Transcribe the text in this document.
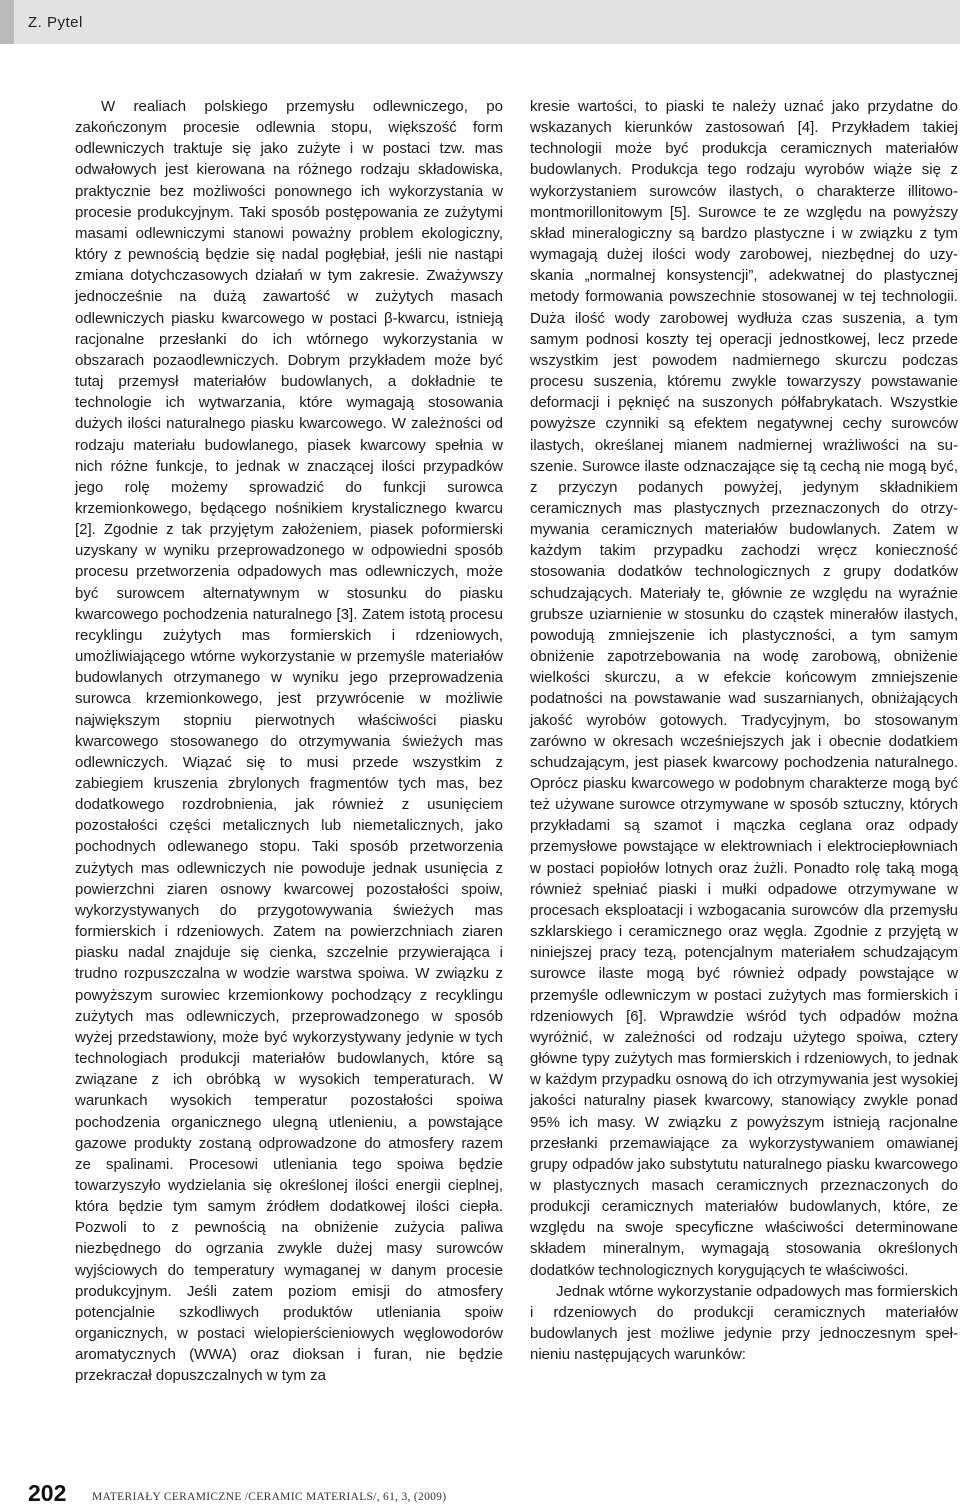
Z. Pytel

W realiach polskiego przemysłu odlewniczego, po zakończonym procesie odlewnia stopu, większość form odlewniczych traktuje się jako zużyte i w postaci tzw. mas odwałowych jest kierowana na różnego rodzaju składowiska, praktycznie bez możliwości ponownego ich wykorzystania w procesie produkcyjnym. Taki sposób postępowania ze zużytymi masami odlewniczymi stanowi poważny problem ekologiczny, który z pewnością będzie się nadal pogłębiał, jeśli nie nastąpi zmiana dotychczasowych działań w tym zakresie. Zważywszy jednocześnie na dużą zawartość w zużytych masach odlewniczych piasku kwarcowego w postaci β-kwarcu, istnieją racjonalne przesłanki do ich wtórnego wykorzystania w obszarach pozaodlewniczych. Dobrym przykładem może być tutaj przemysł materiałów budowlanych, a dokładnie te technologie ich wytwarzania, które wymagają stosowania dużych ilości naturalnego piasku kwarcowego. W zależności od rodzaju materiału budowlanego, piasek kwarcowy spełnia w nich różne funkcje, to jednak w znaczącej ilości przypadków jego rolę możemy sprowadzić do funkcji surowca krzemionkowego, będącego nośnikiem krystalicznego kwarcu [2]. Zgodnie z tak przyjętym założeniem, piasek poformierski uzyskany w wyniku przeprowadzonego w odpowiedni sposób procesu przetworzenia odpadowych mas odlewniczych, może być surowcem alternatywnym w stosunku do piasku kwarcowego pochodzenia naturalnego [3]. Zatem istotą procesu recyklingu zużytych mas formierskich i rdzeniowych, umożliwiającego wtórne wykorzystanie w przemyśle materiałów budowlanych otrzymanego w wyniku jego przeprowadzenia surowca krzemionkowego, jest przywrócenie w możliwie największym stopniu pierwotnych właściwości piasku kwarcowego stosowanego do otrzymywania świeżych mas odlewniczych. Wiązać się to musi przede wszystkim z zabiegiem kruszenia zbrylonych fragmentów tych mas, bez dodatkowego rozdrobnienia, jak również z usunięciem pozostałości części metalicznych lub niemetalicznych, jako pochodnych odlewanego stopu. Taki sposób przetworzenia zużytych mas odlewniczych nie powoduje jednak usunięcia z powierzchni ziaren osnowy kwarcowej pozostałości spoiw, wykorzystywanych do przygotowywania świeżych mas formierskich i rdzeniowych. Zatem na powierzchniach ziaren piasku nadal znajduje się cienka, szczelnie przywierająca i trudno rozpuszczalna w wodzie warstwa spoiwa. W związku z powyższym surowiec krzemionkowy pochodzący z recyklingu zużytych mas odlewniczych, przeprowadzonego w sposób wyżej przedstawiony, może być wykorzystywany jedynie w tych technologiach produkcji materiałów budowlanych, które są związane z ich obróbką w wysokich temperaturach. W warunkach wysokich temperatur pozostałości spoiwa pochodzenia organicznego ulegną utlenieniu, a powstające gazowe produkty zostaną odprowadzone do atmosfery razem ze spalinami. Procesowi utleniania tego spoiwa będzie towarzyszyło wydzielania się określonej ilości energii cieplnej, która będzie tym samym źródłem dodatkowej ilości ciepła. Pozwoli to z pewnością na obniżenie zużycia paliwa niezbędnego do ogrzania zwykle dużej masy surowców wyjściowych do temperatury wymaganej w danym procesie produkcyjnym. Jeśli zatem poziom emisji do atmosfery potencjalnie szkodliwych produktów utleniania spoiw organicznych, w postaci wielopierścieniowych węglowodorów aromatycznych (WWA) oraz dioksan i furan, nie będzie przekraczał dopuszczalnych w tym za

kresie wartości, to piaski te należy uznać jako przydatne do wskazanych kierunków zastosowań [4]. Przykładem takiej technologii może być produkcja ceramicznych materiałów budowlanych. Produkcja tego rodzaju wyrobów wiąże się z wykorzystaniem surowców ilastych, o charakterze illitowomontmorillonitowym [5]. Surowce te ze względu na powyższy skład mineralogiczny są bardzo plastyczne i w związku z tym wymagają dużej ilości wody zarobowej, niezbędnej do uzyskania „normalnej konsystencji”, adekwatnej do plastycznej metody formowania powszechnie stosowanej w tej technologii. Duża ilość wody zarobowej wydłuża czas suszenia, a tym samym podnosi koszty tej operacji jednostkowej, lecz przede wszystkim jest powodem nadmiernego skurczu podczas procesu suszenia, któremu zwykle towarzyszy powstawanie deformacji i pęknięć na suszonych półfabrykatach. Wszystkie powyższe czynniki są efektem negatywnej cechy surowców ilastych, określanej mianem nadmiernej wrażliwości na suszenie. Surowce ilaste odznaczające się tą cechą nie mogą być, z przyczyn podanych powyżej, jedynym składnikiem ceramicznych mas plastycznych przeznaczonych do otrzymywania ceramicznych materiałów budowlanych. Zatem w każdym takim przypadku zachodzi wręcz konieczność stosowania dodatków technologicznych z grupy dodatków schudzających. Materiały te, głównie ze względu na wyraźnie grubsze uziarnienie w stosunku do cząstek minerałów ilastych, powodują zmniejszenie ich plastyczności, a tym samym obniżenie zapotrzebowania na wodę zarobową, obniżenie wielkości skurczu, a w efekcie końcowym zmniejszenie podatności na powstawanie wad suszarnianych, obniżających jakość wyrobów gotowych. Tradycyjnym, bo stosowanym zarówno w okresach wcześniejszych jak i obecnie dodatkiem schudzającym, jest piasek kwarcowy pochodzenia naturalnego. Oprócz piasku kwarcowego w podobnym charakterze mogą być też używane surowce otrzymywane w sposób sztuczny, których przykładami są szamot i mączka ceglana oraz odpady przemysłowe powstające w elektrowniach i elektrociepłowniach w postaci popiołów lotnych oraz żużli. Ponadto rolę taką mogą również spełniać piaski i mułki odpadowe otrzymywane w procesach eksploatacji i wzbogacania surowców dla przemysłu szklarskiego i ceramicznego oraz węgla. Zgodnie z przyjętą w niniejszej pracy tezą, potencjalnym materiałem schudzającym surowce ilaste mogą być również odpady powstające w przemyśle odlewniczym w postaci zużytych mas formierskich i rdzeniowych [6]. Wprawdzie wśród tych odpadów można wyróżnić, w zależności od rodzaju użytego spoiwa, cztery główne typy zużytych mas formierskich i rdzeniowych, to jednak w każdym przypadku osnową do ich otrzymywania jest wysokiej jakości naturalny piasek kwarcowy, stanowiący zwykle ponad 95% ich masy. W związku z powyższym istnieją racjonalne przesłanki przemawiające za wykorzystywaniem omawianej grupy odpadów jako substytutu naturalnego piasku kwarcowego w plastycznych masach ceramicznych przeznaczonych do produkcji ceramicznych materiałów budowlanych, które, ze względu na swoje specyficzne właściwości determinowane składem mineralnym, wymagają stosowania określonych dodatków technologicznych korygujących te właściwości.

Jednak wtórne wykorzystanie odpadowych mas formierskich i rdzeniowych do produkcji ceramicznych materiałów budowlanych jest możliwe jedynie przy jednoczesnym spełnieniu następujących warunków:

202 MATERIAŁY CERAMICZNE /CERAMIC MATERIALS/, 61, 3, (2009)
